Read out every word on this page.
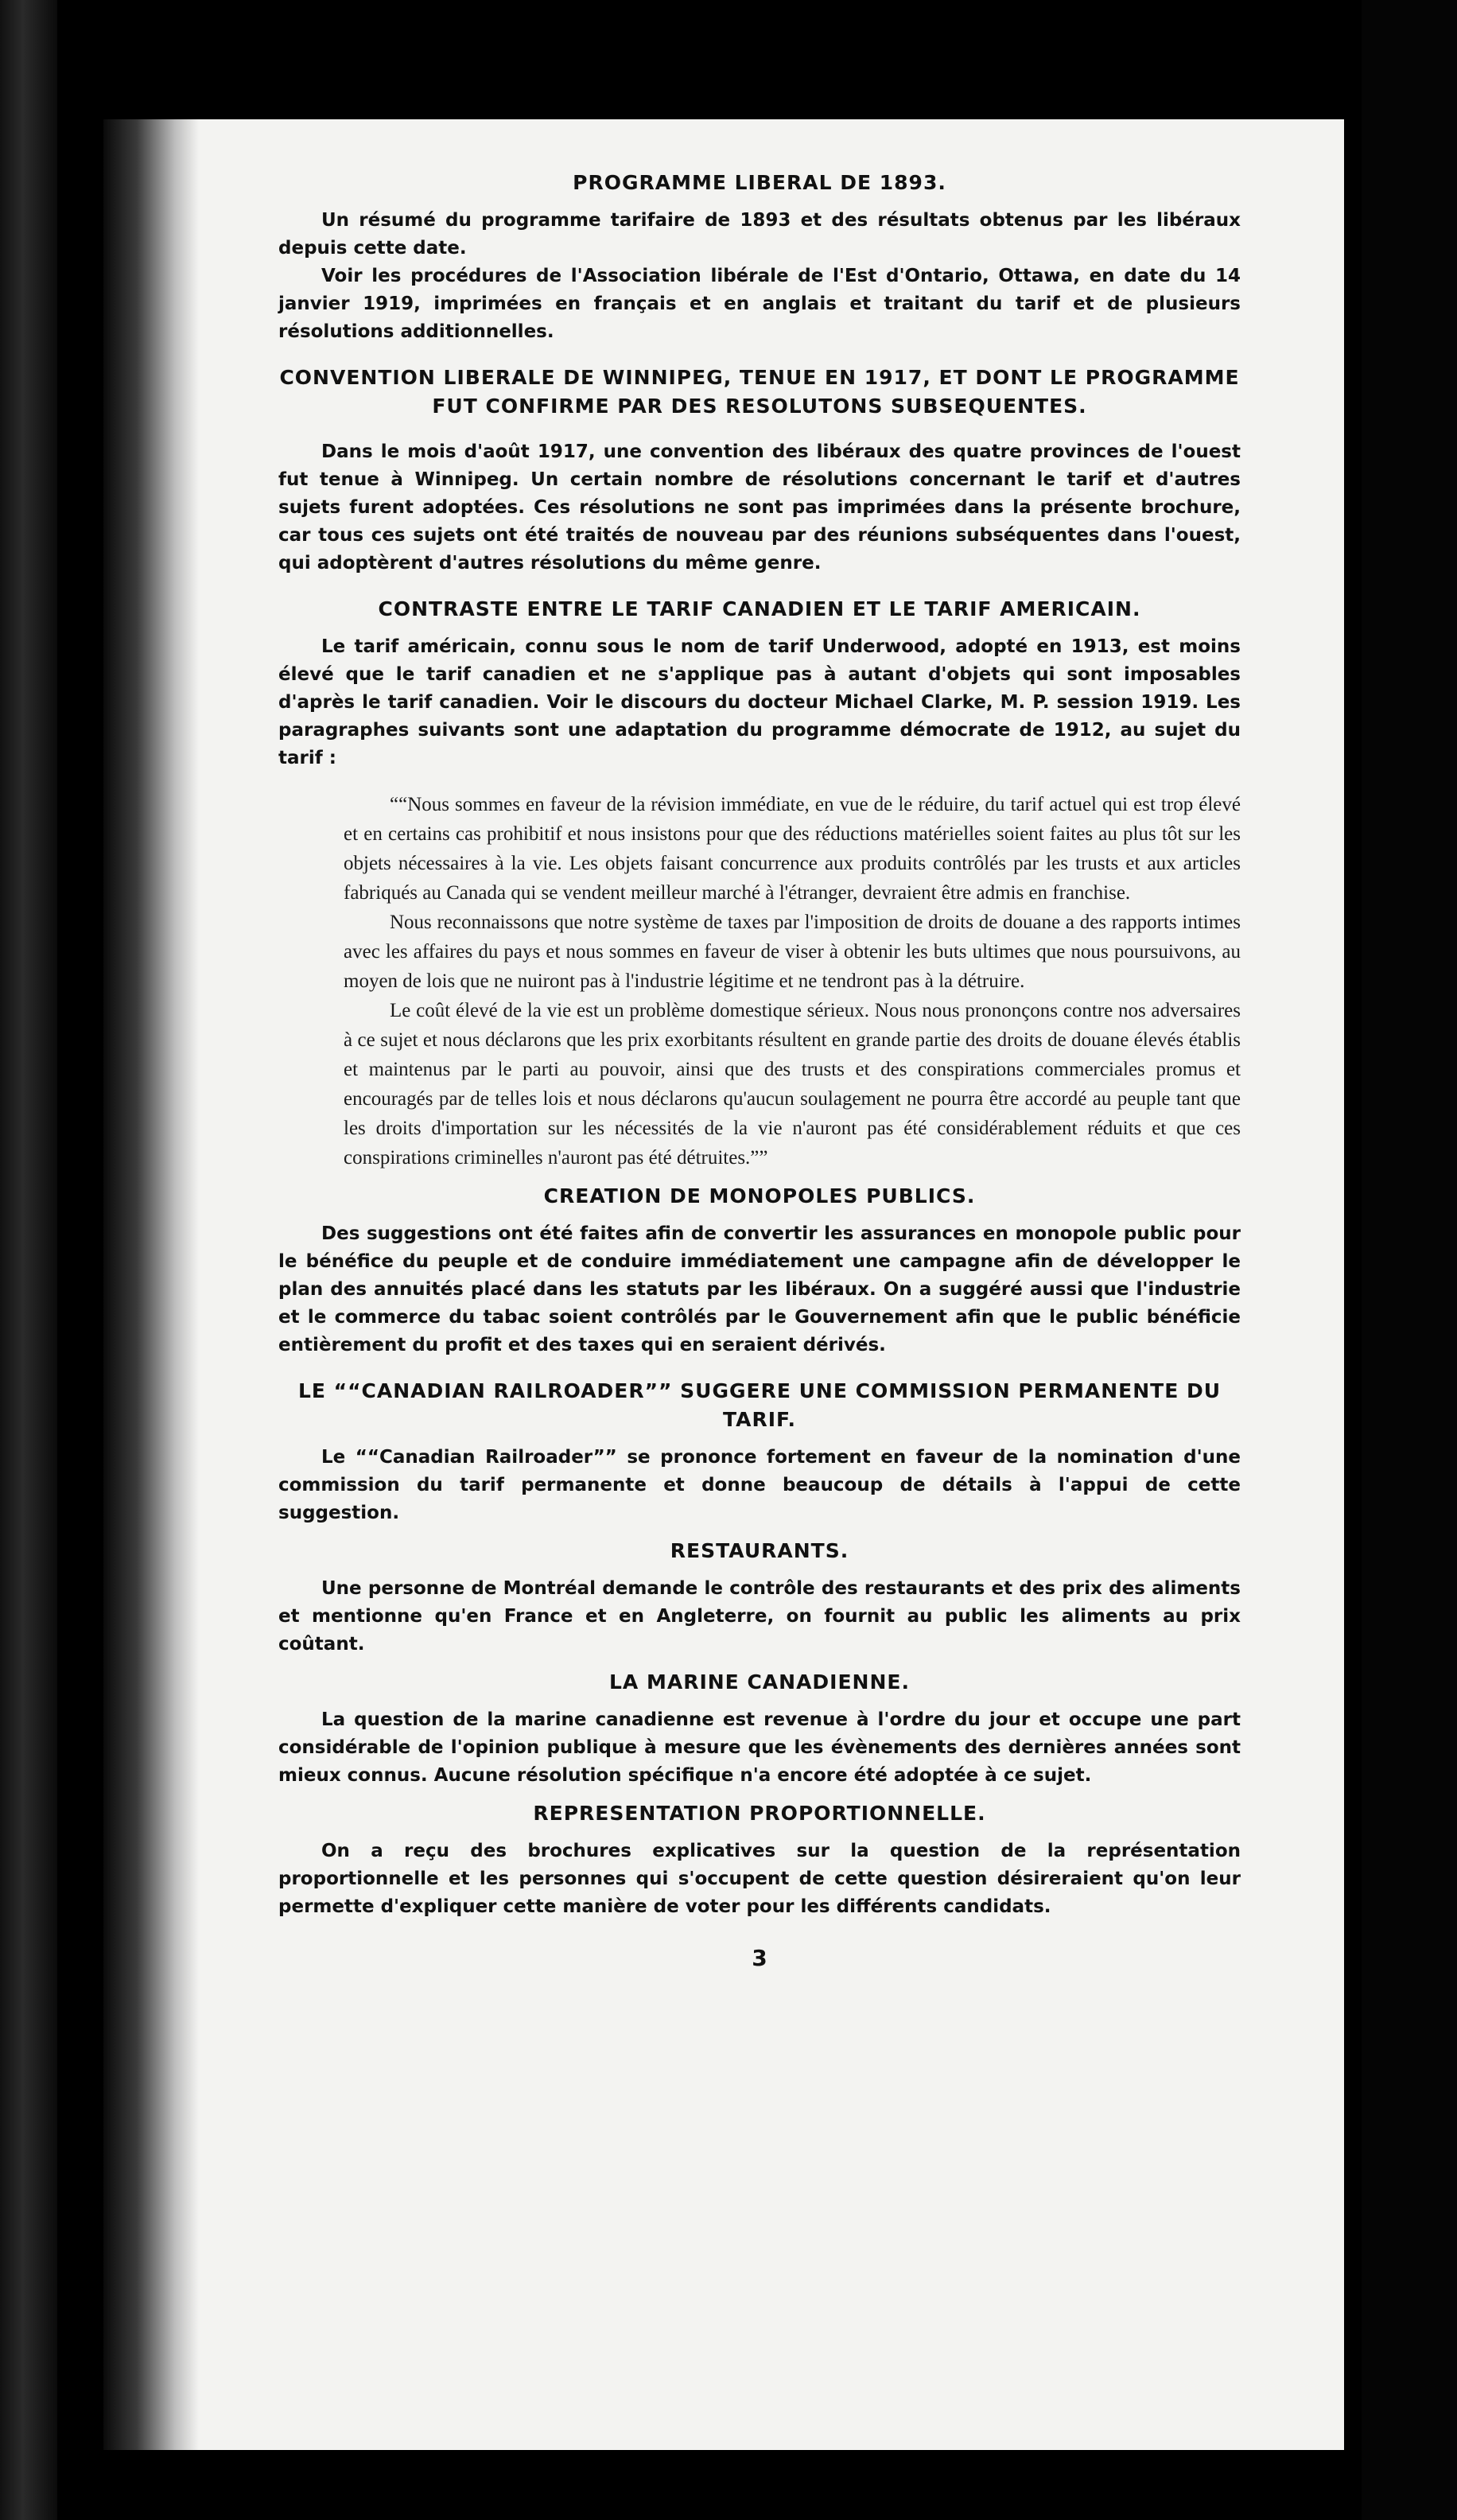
PROGRAMME LIBERAL DE 1893.

Un résumé du programme tarifaire de 1893 et des résultats obtenus par les libéraux depuis cette date.

Voir les procédures de l'Association libérale de l'Est d'Ontario, Ottawa, en date du 14 janvier 1919, imprimées en français et en anglais et traitant du tarif et de plusieurs résolutions additionnelles.

CONVENTION LIBERALE DE WINNIPEG, TENUE EN 1917, ET DONT LE PROGRAMME FUT CONFIRME PAR DES RESOLUTONS SUBSEQUENTES.

Dans le mois d'août 1917, une convention des libéraux des quatre provinces de l'ouest fut tenue à Winnipeg. Un certain nombre de résolutions concernant le tarif et d'autres sujets furent adoptées. Ces résolutions ne sont pas imprimées dans la présente brochure, car tous ces sujets ont été traités de nouveau par des réunions subséquentes dans l'ouest, qui adoptèrent d'autres résolutions du même genre.

CONTRASTE ENTRE LE TARIF CANADIEN ET LE TARIF AMERICAIN.

Le tarif américain, connu sous le nom de tarif Underwood, adopté en 1913, est moins élevé que le tarif canadien et ne s'applique pas à autant d'objets qui sont imposables d'après le tarif canadien. Voir le discours du docteur Michael Clarke, M. P. session 1919. Les paragraphes suivants sont une adaptation du programme démocrate de 1912, au sujet du tarif :

““Nous sommes en faveur de la révision immédiate, en vue de le réduire, du tarif actuel qui est trop élevé et en certains cas prohibitif et nous insistons pour que des réductions matérielles soient faites au plus tôt sur les objets nécessaires à la vie. Les objets faisant concurrence aux produits contrôlés par les trusts et aux articles fabriqués au Canada qui se vendent meilleur marché à l'étranger, devraient être admis en franchise.

Nous reconnaissons que notre système de taxes par l'imposition de droits de douane a des rapports intimes avec les affaires du pays et nous sommes en faveur de viser à obtenir les buts ultimes que nous poursuivons, au moyen de lois que ne nuiront pas à l'industrie légitime et ne tendront pas à la détruire.

Le coût élevé de la vie est un problème domestique sérieux. Nous nous prononçons contre nos adversaires à ce sujet et nous déclarons que les prix exorbitants résultent en grande partie des droits de douane élevés établis et maintenus par le parti au pouvoir, ainsi que des trusts et des conspirations commerciales promus et encouragés par de telles lois et nous déclarons qu'aucun soulagement ne pourra être accordé au peuple tant que les droits d'importation sur les nécessités de la vie n'auront pas été considérablement réduits et que ces conspirations criminelles n'auront pas été détruites.””

CREATION DE MONOPOLES PUBLICS.

Des suggestions ont été faites afin de convertir les assurances en monopole public pour le bénéfice du peuple et de conduire immédiatement une campagne afin de développer le plan des annuités placé dans les statuts par les libéraux. On a suggéré aussi que l'industrie et le commerce du tabac soient contrôlés par le Gouvernement afin que le public bénéficie entièrement du profit et des taxes qui en seraient dérivés.

LE ““CANADIAN RAILROADER”” SUGGERE UNE COMMISSION PERMANENTE DU TARIF.

Le ““Canadian Railroader”” se prononce fortement en faveur de la nomination d'une commission du tarif permanente et donne beaucoup de détails à l'appui de cette suggestion.

RESTAURANTS.

Une personne de Montréal demande le contrôle des restaurants et des prix des aliments et mentionne qu'en France et en Angleterre, on fournit au public les aliments au prix coûtant.

LA MARINE CANADIENNE.

La question de la marine canadienne est revenue à l'ordre du jour et occupe une part considérable de l'opinion publique à mesure que les évènements des dernières années sont mieux connus. Aucune résolution spécifique n'a encore été adoptée à ce sujet.

REPRESENTATION PROPORTIONNELLE.

On a reçu des brochures explicatives sur la question de la représentation proportionnelle et les personnes qui s'occupent de cette question désireraient qu'on leur permette d'expliquer cette manière de voter pour les différents candidats.

3
